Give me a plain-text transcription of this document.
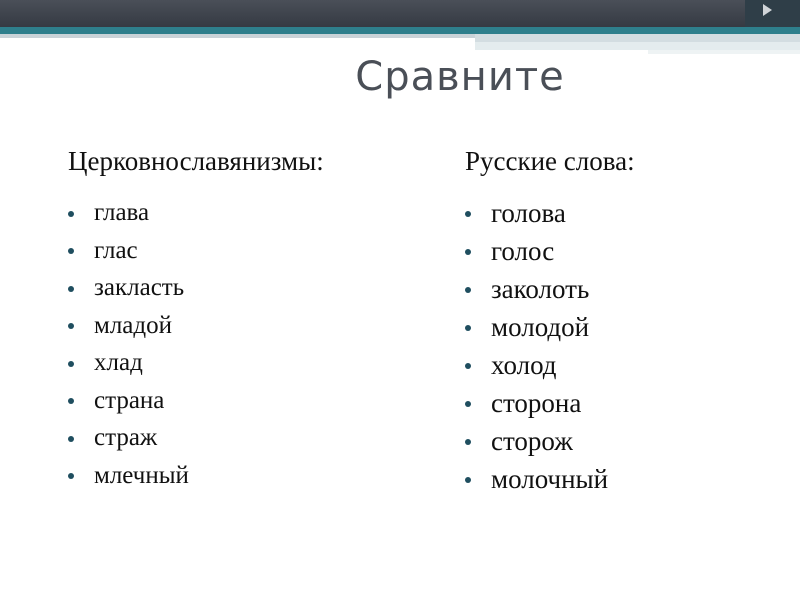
Сравните
Церковнославянизмы:
глава
глас
закласть
младой
хлад
страна
страж
млечный
Русские слова:
голова
голос
заколоть
молодой
холод
сторона
сторож
молочный
